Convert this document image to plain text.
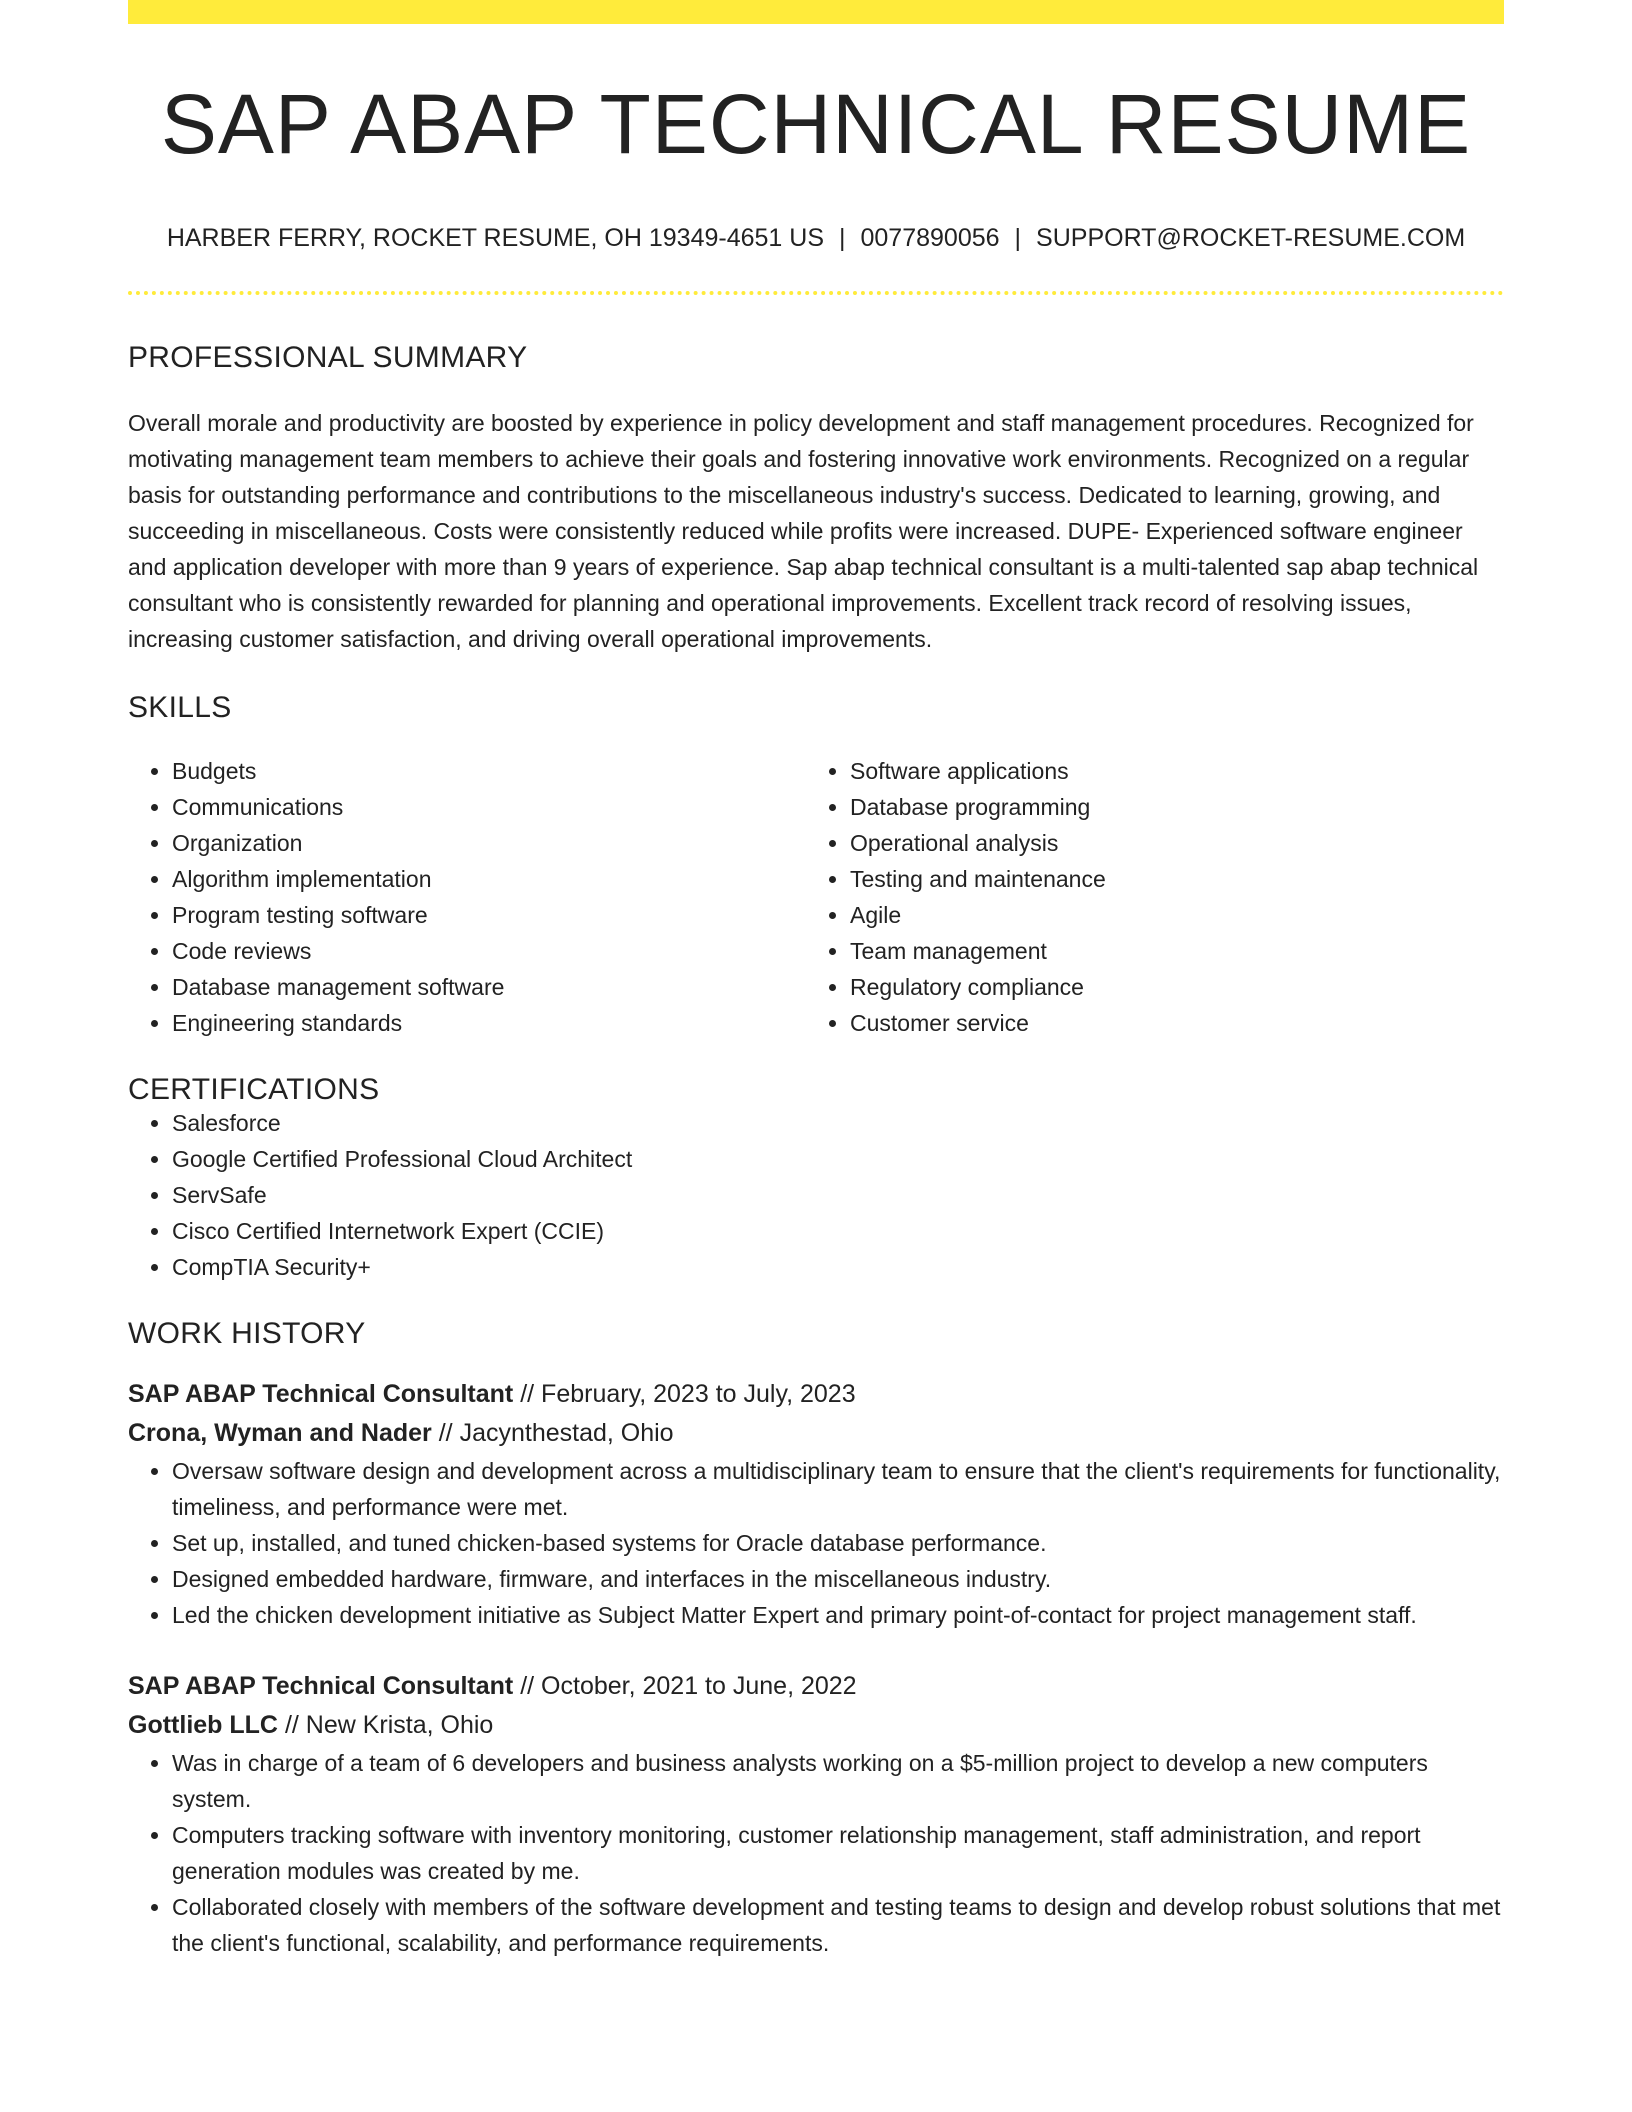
SAP ABAP TECHNICAL RESUME
HARBER FERRY, ROCKET RESUME, OH 19349-4651 US | 0077890056 | SUPPORT@ROCKET-RESUME.COM
PROFESSIONAL SUMMARY

Overall morale and productivity are boosted by experience in policy development and staff management procedures. Recognized for motivating management team members to achieve their goals and fostering innovative work environments. Recognized on a regular basis for outstanding performance and contributions to the miscellaneous industry's success. Dedicated to learning, growing, and succeeding in miscellaneous. Costs were consistently reduced while profits were increased. DUPE- Experienced software engineer and application developer with more than 9 years of experience. Sap abap technical consultant is a multi-talented sap abap technical consultant who is consistently rewarded for planning and operational improvements. Excellent track record of resolving issues, increasing customer satisfaction, and driving overall operational improvements.

SKILLS
• Budgets
• Communications
• Organization
• Algorithm implementation
• Program testing software
• Code reviews
• Database management software
• Engineering standards
• Software applications
• Database programming
• Operational analysis
• Testing and maintenance
• Agile
• Team management
• Regulatory compliance
• Customer service
CERTIFICATIONS
• Salesforce
• Google Certified Professional Cloud Architect
• ServSafe
• Cisco Certified Internetwork Expert (CCIE)
• CompTIA Security+
WORK HISTORY
SAP ABAP Technical Consultant // February, 2023 to July, 2023
Crona, Wyman and Nader // Jacynthestad, Ohio
• Oversaw software design and development across a multidisciplinary team to ensure that the client's requirements for functionality, timeliness, and performance were met.
• Set up, installed, and tuned chicken-based systems for Oracle database performance.
• Designed embedded hardware, firmware, and interfaces in the miscellaneous industry.
• Led the chicken development initiative as Subject Matter Expert and primary point-of-contact for project management staff.
SAP ABAP Technical Consultant // October, 2021 to June, 2022
Gottlieb LLC // New Krista, Ohio
• Was in charge of a team of 6 developers and business analysts working on a $5-million project to develop a new computers system.
• Computers tracking software with inventory monitoring, customer relationship management, staff administration, and report generation modules was created by me.
• Collaborated closely with members of the software development and testing teams to design and develop robust solutions that met the client's functional, scalability, and performance requirements.
